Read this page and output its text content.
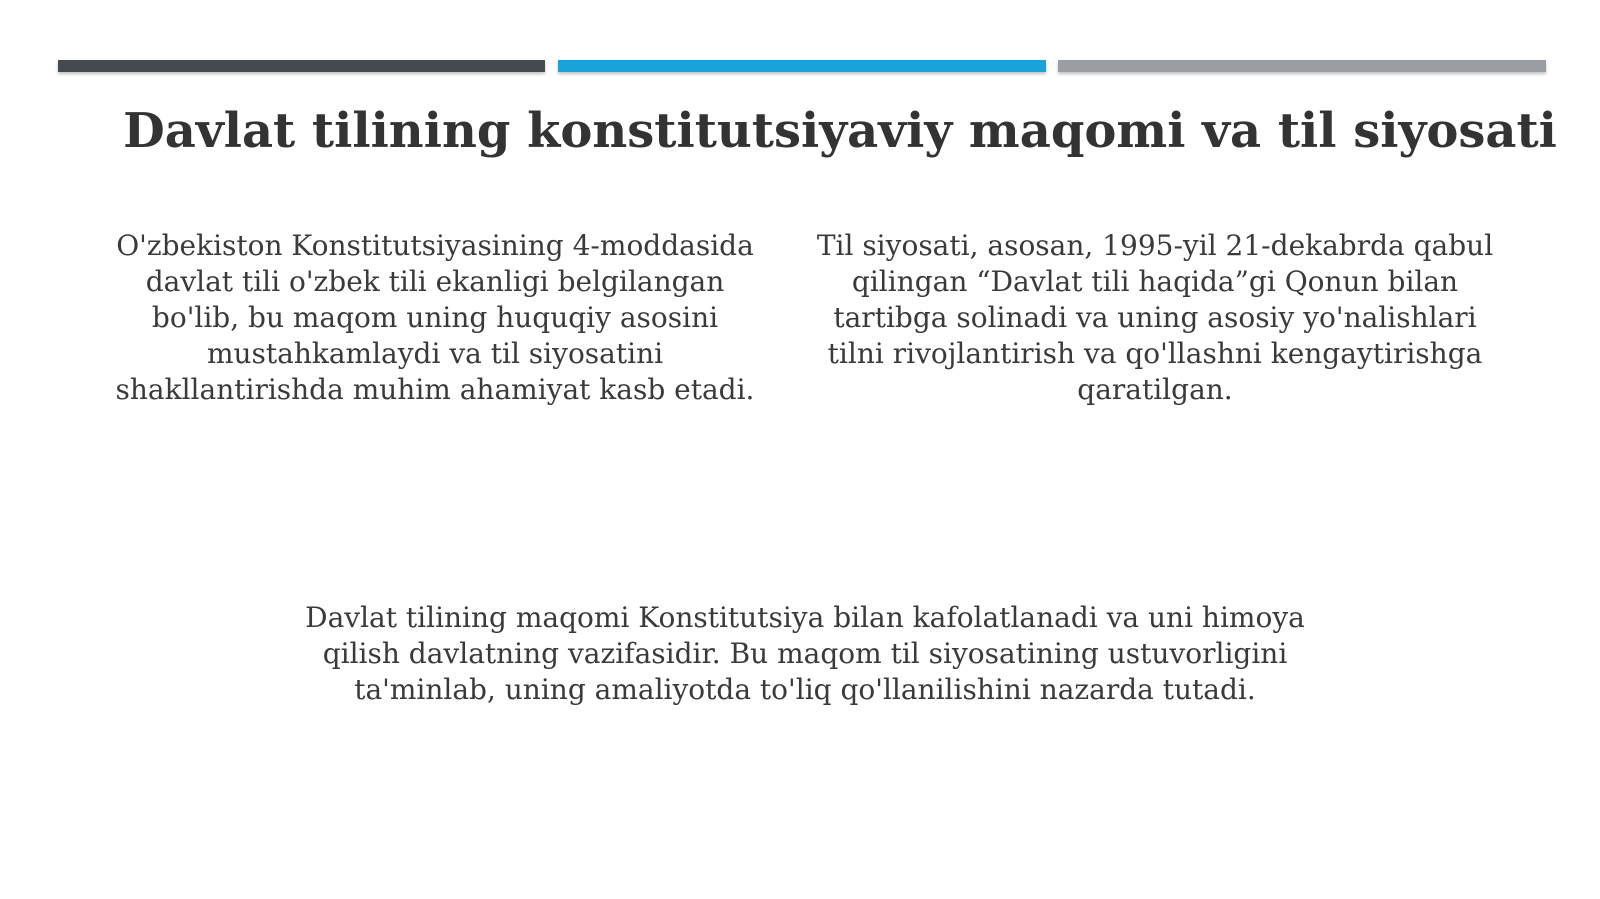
Davlat tilining konstitutsiyaviy maqomi va til siyosati
O'zbekiston Konstitutsiyasining 4-moddasida davlat tili o'zbek tili ekanligi belgilangan bo'lib, bu maqom uning huquqiy asosini mustahkamlaydi va til siyosatini shakllantirishda muhim ahamiyat kasb etadi.
Til siyosati, asosan, 1995-yil 21-dekabrda qabul qilingan “Davlat tili haqida”gi Qonun bilan tartibga solinadi va uning asosiy yo'nalishlari tilni rivojlantirish va qo'llashni kengaytirishga qaratilgan.
Davlat tilining maqomi Konstitutsiya bilan kafolatlanadi va uni himoya qilish davlatning vazifasidir. Bu maqom til siyosatining ustuvorligini ta'minlab, uning amaliyotda to'liq qo'llanilishini nazarda tutadi.
